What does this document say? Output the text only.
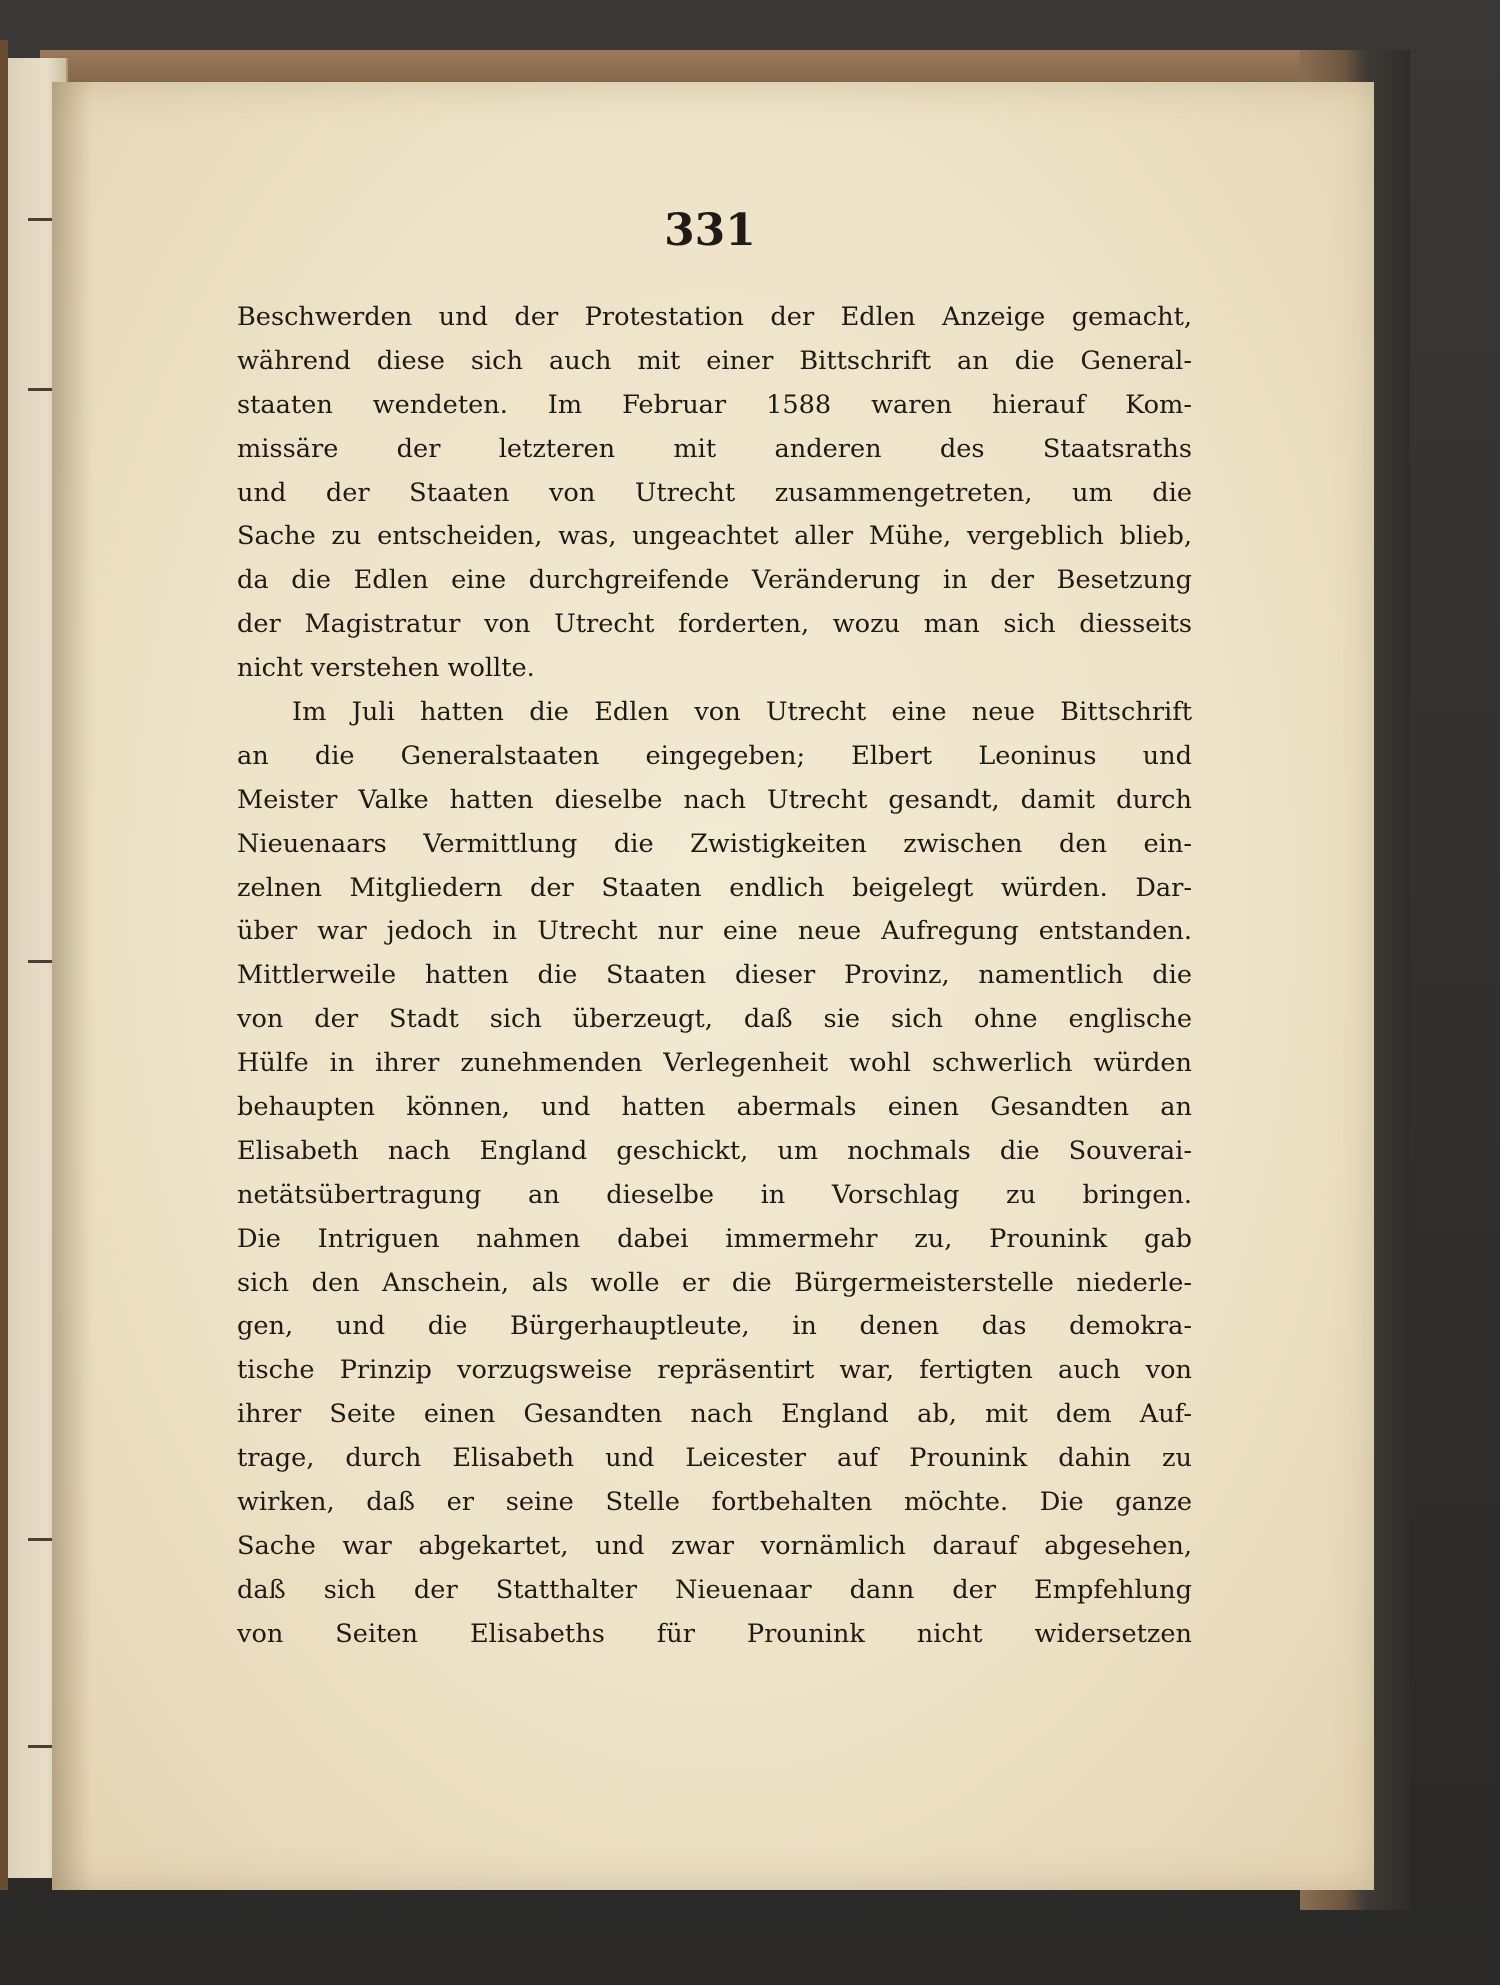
331
Beschwerden und der Protestation der Edlen Anzeige gemacht,
während diese sich auch mit einer Bittschrift an die General-
staaten wendeten. Im Februar 1588 waren hierauf Kom-
missäre der letzteren mit anderen des Staatsraths
und der Staaten von Utrecht zusammengetreten, um die
Sache zu entscheiden, was, ungeachtet aller Mühe, vergeblich blieb,
da die Edlen eine durchgreifende Veränderung in der Besetzung
der Magistratur von Utrecht forderten, wozu man sich diesseits
nicht verstehen wollte.
Im Juli hatten die Edlen von Utrecht eine neue Bittschrift
an die Generalstaaten eingegeben; Elbert Leoninus und
Meister Valke hatten dieselbe nach Utrecht gesandt, damit durch
Nieuenaars Vermittlung die Zwistigkeiten zwischen den ein-
zelnen Mitgliedern der Staaten endlich beigelegt würden. Dar-
über war jedoch in Utrecht nur eine neue Aufregung entstanden.
Mittlerweile hatten die Staaten dieser Provinz, namentlich die
von der Stadt sich überzeugt, daß sie sich ohne englische
Hülfe in ihrer zunehmenden Verlegenheit wohl schwerlich würden
behaupten können, und hatten abermals einen Gesandten an
Elisabeth nach England geschickt, um nochmals die Souverai-
netätsübertragung an dieselbe in Vorschlag zu bringen.
Die Intriguen nahmen dabei immermehr zu, Prounink gab
sich den Anschein, als wolle er die Bürgermeisterstelle niederle-
gen, und die Bürgerhauptleute, in denen das demokra-
tische Prinzip vorzugsweise repräsentirt war, fertigten auch von
ihrer Seite einen Gesandten nach England ab, mit dem Auf-
trage, durch Elisabeth und Leicester auf Prounink dahin zu
wirken, daß er seine Stelle fortbehalten möchte. Die ganze
Sache war abgekartet, und zwar vornämlich darauf abgesehen,
daß sich der Statthalter Nieuenaar dann der Empfehlung
von Seiten Elisabeths für Prounink nicht widersetzen
